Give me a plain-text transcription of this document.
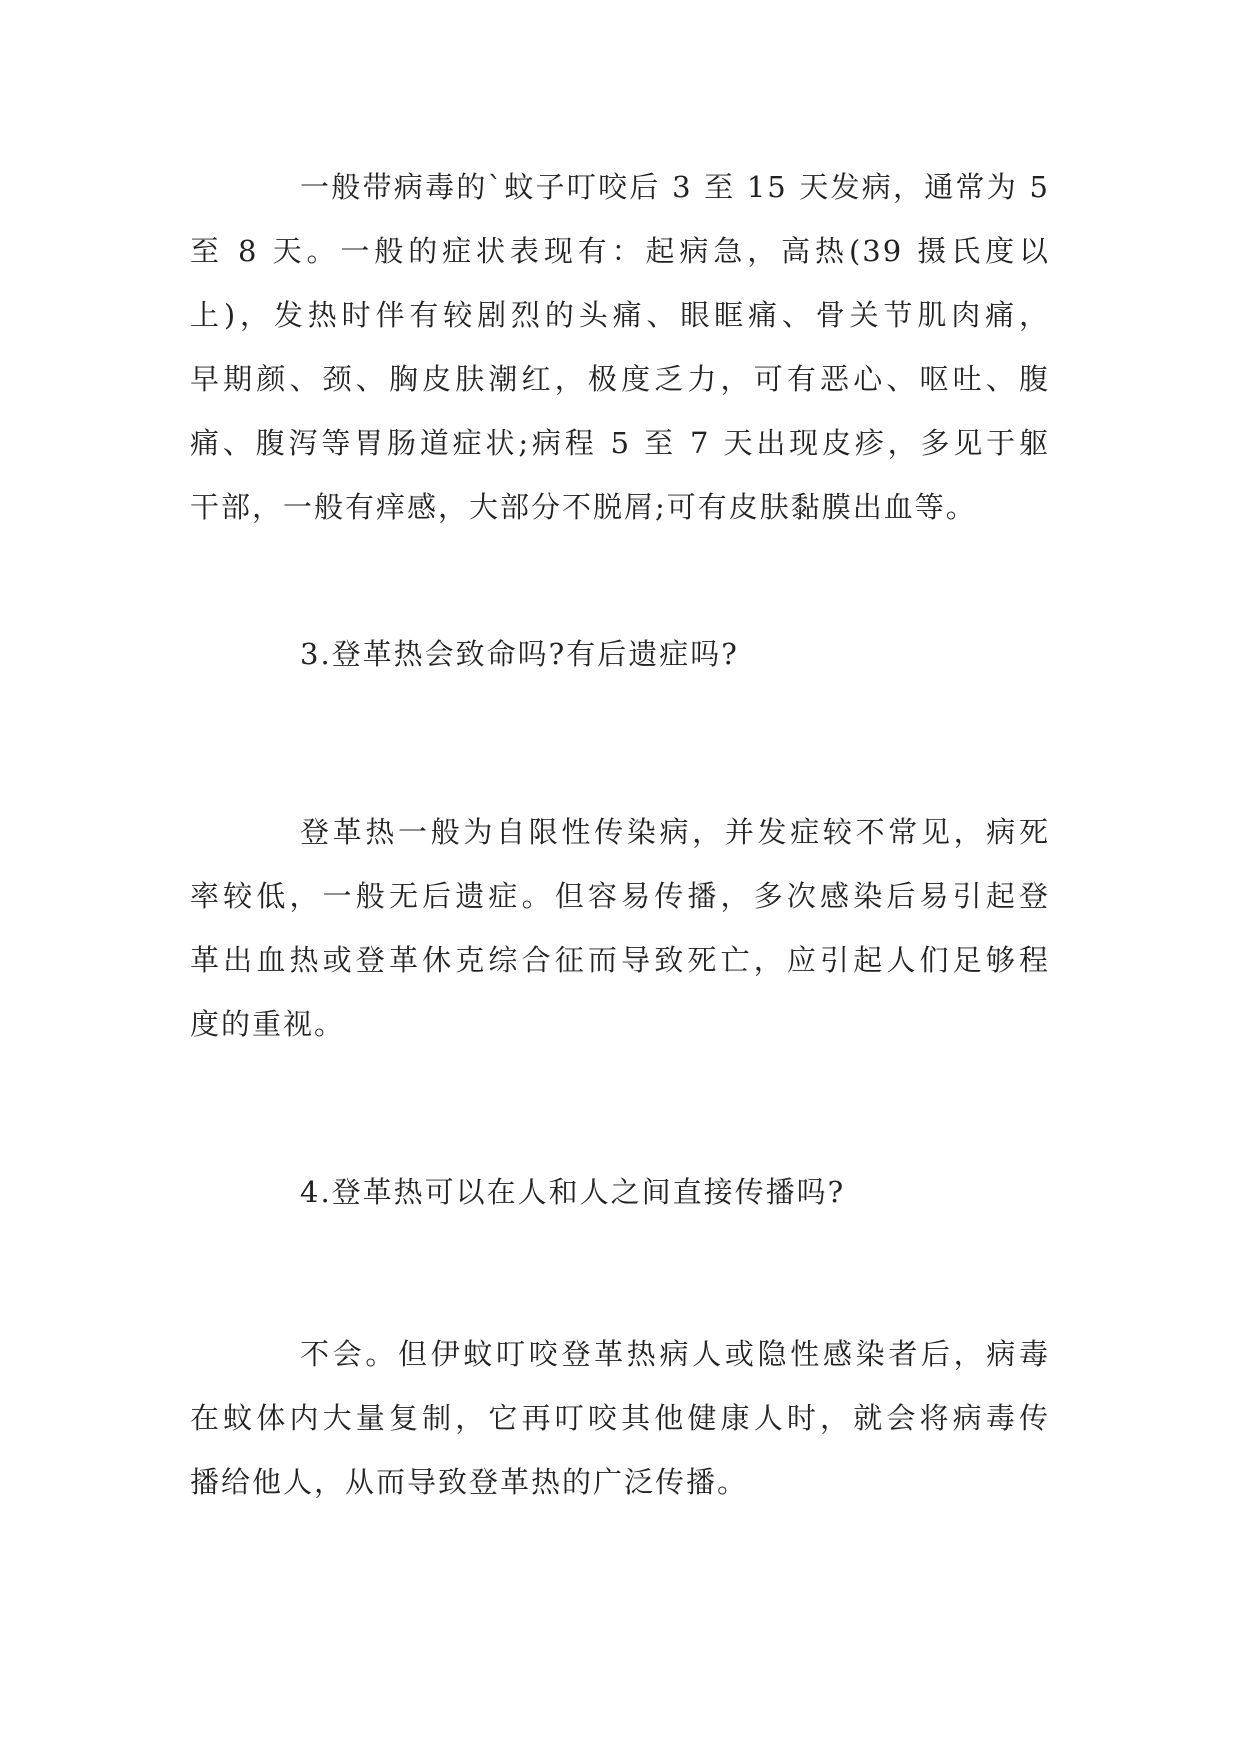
一般带病毒的`蚊子叮咬后 3 至 15 天发病，通常为 5
至 8 天。一般的症状表现有：起病急，高热(39 摄氏度以
上)，发热时伴有较剧烈的头痛、眼眶痛、骨关节肌肉痛，
早期颜、颈、胸皮肤潮红，极度乏力，可有恶心、呕吐、腹
痛、腹泻等胃肠道症状;病程 5 至 7 天出现皮疹，多见于躯
干部，一般有痒感，大部分不脱屑;可有皮肤黏膜出血等。
3.登革热会致命吗?有后遗症吗?
登革热一般为自限性传染病，并发症较不常见，病死
率较低，一般无后遗症。但容易传播，多次感染后易引起登
革出血热或登革休克综合征而导致死亡，应引起人们足够程
度的重视。
4.登革热可以在人和人之间直接传播吗?
不会。但伊蚊叮咬登革热病人或隐性感染者后，病毒
在蚊体内大量复制，它再叮咬其他健康人时，就会将病毒传
播给他人，从而导致登革热的广泛传播。
